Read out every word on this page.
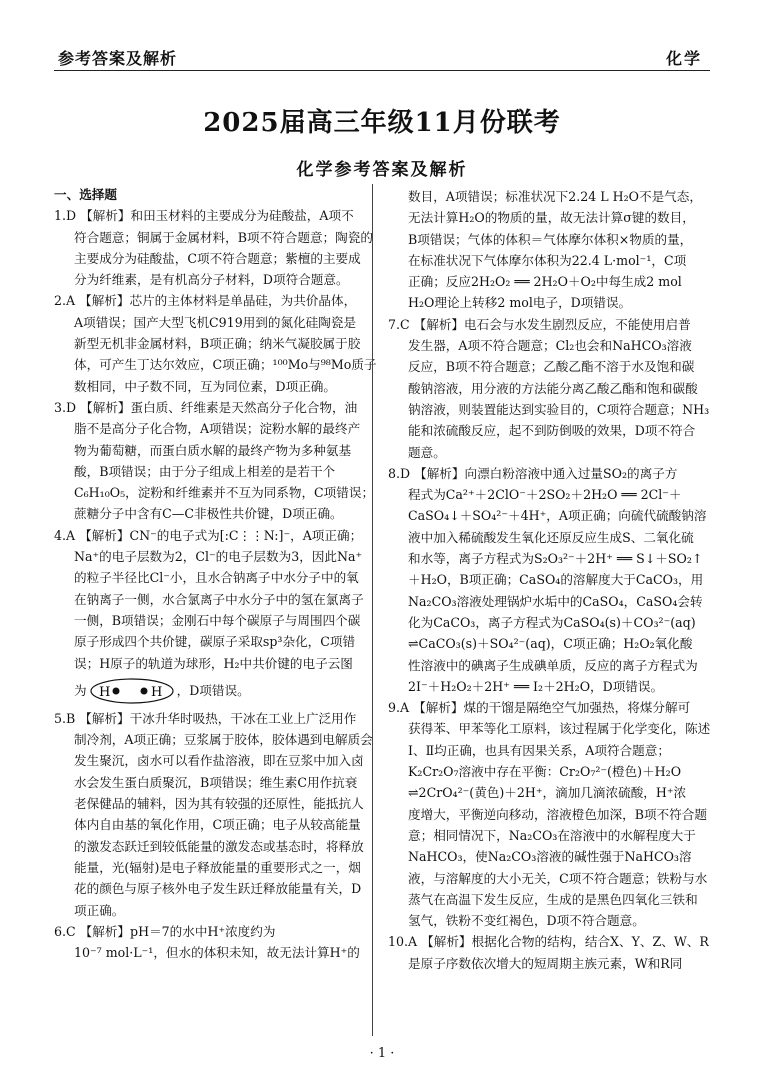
参考答案及解析	化学
2025届高三年级11月份联考
化学参考答案及解析
一、选择题
1.D 【解析】和田玉材料的主要成分为硅酸盐，A项不
符合题意；铜属于金属材料，B项不符合题意；陶瓷的
主要成分为硅酸盐，C项不符合题意；紫檀的主要成
分为纤维素，是有机高分子材料，D项符合题意。
2.A 【解析】芯片的主体材料是单晶硅，为共价晶体，
A项错误；国产大型飞机C919用到的氮化硅陶瓷是
新型无机非金属材料，B项正确；纳米气凝胶属于胶
体，可产生丁达尔效应，C项正确；¹⁰⁰Mo与⁹⁸Mo质子
数相同，中子数不同，互为同位素，D项正确。
3.D 【解析】蛋白质、纤维素是天然高分子化合物，油
脂不是高分子化合物，A项错误；淀粉水解的最终产
物为葡萄糖，而蛋白质水解的最终产物为多种氨基
酸，B项错误；由于分子组成上相差的是若干个
C₆H₁₀O₅，淀粉和纤维素并不互为同系物，C项错误；
蔗糖分子中含有C—C非极性共价键，D项正确。
4.A 【解析】CN⁻的电子式为[:C⋮⋮N:]⁻，A项正确；
Na⁺的电子层数为2，Cl⁻的电子层数为3，因此Na⁺
的粒子半径比Cl⁻小，且水合钠离子中水分子中的氧
在钠离子一侧，水合氯离子中水分子中的氢在氯离子
一侧，B项错误；金刚石中每个碳原子与周围四个碳
原子形成四个共价键，碳原子采取sp³杂化，C项错
误；H原子的轨道为球形，H₂中共价键的电子云图
为 H	H ，D项错误。
5.B 【解析】干冰升华时吸热，干冰在工业上广泛用作
制冷剂，A项正确；豆浆属于胶体，胶体遇到电解质会
发生聚沉，卤水可以看作盐溶液，即在豆浆中加入卤
水会发生蛋白质聚沉，B项错误；维生素C用作抗衰
老保健品的辅料，因为其有较强的还原性，能抵抗人
体内自由基的氧化作用，C项正确；电子从较高能量
的激发态跃迁到较低能量的激发态或基态时，将释放
能量，光(辐射)是电子释放能量的重要形式之一，烟
花的颜色与原子核外电子发生跃迁释放能量有关，D
项正确。
6.C 【解析】pH＝7的水中H⁺浓度约为
10⁻⁷ mol·L⁻¹，但水的体积未知，故无法计算H⁺的
数目，A项错误；标准状况下2.24 L H₂O不是气态，
无法计算H₂O的物质的量，故无法计算σ键的数目，
B项错误；气体的体积＝气体摩尔体积×物质的量，
在标准状况下气体摩尔体积为22.4 L·mol⁻¹，C项
正确；反应2H₂O₂ ══ 2H₂O＋O₂中每生成2 mol
H₂O理论上转移2 mol电子，D项错误。
7.C 【解析】电石会与水发生剧烈反应，不能使用启普
发生器，A项不符合题意；Cl₂也会和NaHCO₃溶液
反应，B项不符合题意；乙酸乙酯不溶于水及饱和碳
酸钠溶液，用分液的方法能分离乙酸乙酯和饱和碳酸
钠溶液，则装置能达到实验目的，C项符合题意；NH₃
能和浓硫酸反应，起不到防倒吸的效果，D项不符合
题意。
8.D 【解析】向漂白粉溶液中通入过量SO₂的离子方
程式为Ca²⁺＋2ClO⁻＋2SO₂＋2H₂O ══ 2Cl⁻＋
CaSO₄↓＋SO₄²⁻＋4H⁺，A项正确；向硫代硫酸钠溶
液中加入稀硫酸发生氧化还原反应生成S、二氧化硫
和水等，离子方程式为S₂O₃²⁻＋2H⁺ ══ S↓＋SO₂↑
＋H₂O，B项正确；CaSO₄的溶解度大于CaCO₃，用
Na₂CO₃溶液处理锅炉水垢中的CaSO₄，CaSO₄会转
化为CaCO₃，离子方程式为CaSO₄(s)＋CO₃²⁻(aq)
⇌CaCO₃(s)＋SO₄²⁻(aq)，C项正确；H₂O₂氧化酸
性溶液中的碘离子生成碘单质，反应的离子方程式为
2I⁻＋H₂O₂＋2H⁺ ══ I₂＋2H₂O，D项错误。
9.A 【解析】煤的干馏是隔绝空气加强热，将煤分解可
获得苯、甲苯等化工原料，该过程属于化学变化，陈述
Ⅰ、Ⅱ均正确，也具有因果关系，A项符合题意；
K₂Cr₂O₇溶液中存在平衡：Cr₂O₇²⁻(橙色)＋H₂O
⇌2CrO₄²⁻(黄色)＋2H⁺，滴加几滴浓硫酸，H⁺浓
度增大，平衡逆向移动，溶液橙色加深，B项不符合题
意；相同情况下，Na₂CO₃在溶液中的水解程度大于
NaHCO₃，使Na₂CO₃溶液的碱性强于NaHCO₃溶
液，与溶解度的大小无关，C项不符合题意；铁粉与水
蒸气在高温下发生反应，生成的是黑色四氧化三铁和
氢气，铁粉不变红褐色，D项不符合题意。
10.A 【解析】根据化合物的结构，结合X、Y、Z、W、R
是原子序数依次增大的短周期主族元素，W和R同
· 1 ·
